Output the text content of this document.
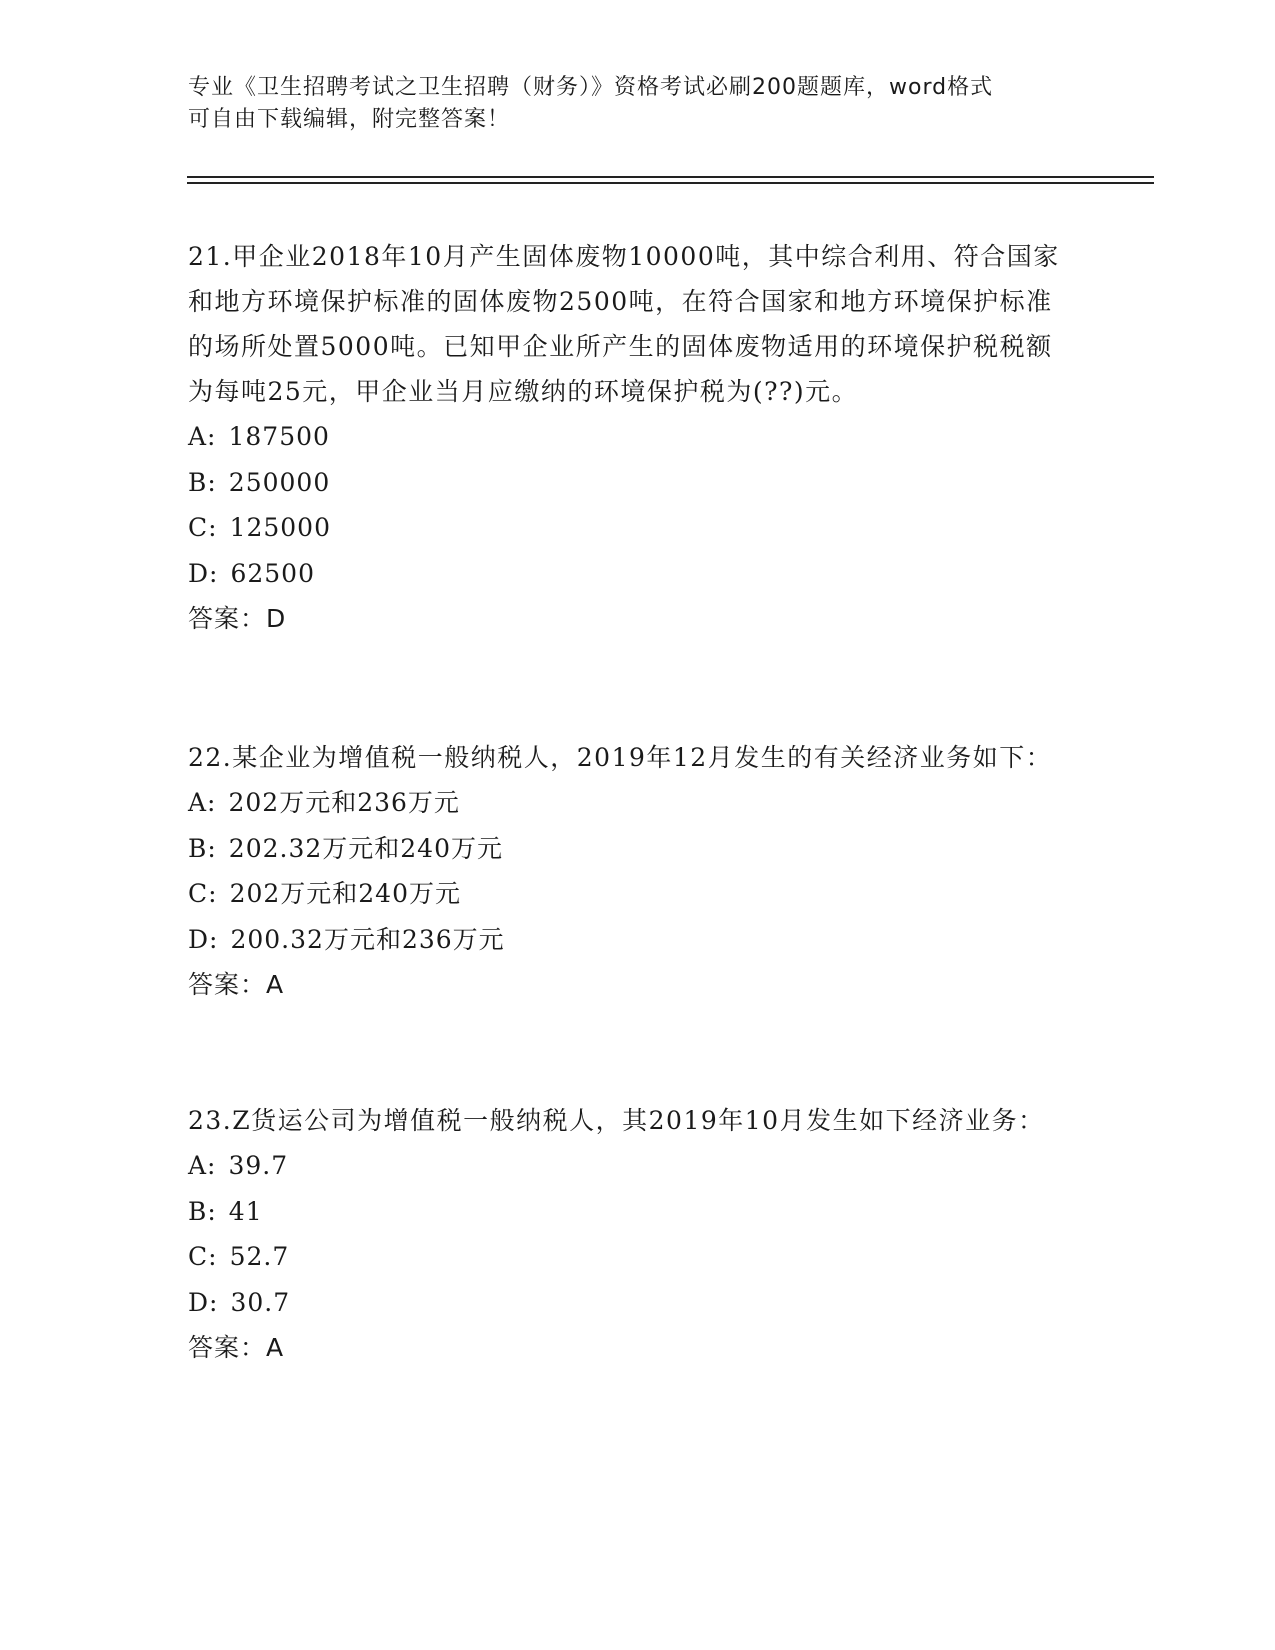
专业《卫生招聘考试之卫生招聘（财务）》资格考试必刷200题题库，word格式
可自由下载编辑，附完整答案！

21.甲企业2018年10月产生固体废物10000吨，其中综合利用、符合国家和地方环境保护标准的固体废物2500吨，在符合国家和地方环境保护标准的场所处置5000吨。已知甲企业所产生的固体废物适用的环境保护税税额为每吨25元，甲企业当月应缴纳的环境保护税为(??)元。

A: 187500

B: 250000

C: 125000

D: 62500

答案：D

22.某企业为增值税一般纳税人，2019年12月发生的有关经济业务如下：

A: 202万元和236万元

B: 202.32万元和240万元

C: 202万元和240万元

D: 200.32万元和236万元

答案：A

23.Z货运公司为增值税一般纳税人，其2019年10月发生如下经济业务：

A: 39.7

B: 41

C: 52.7

D: 30.7

答案：A
